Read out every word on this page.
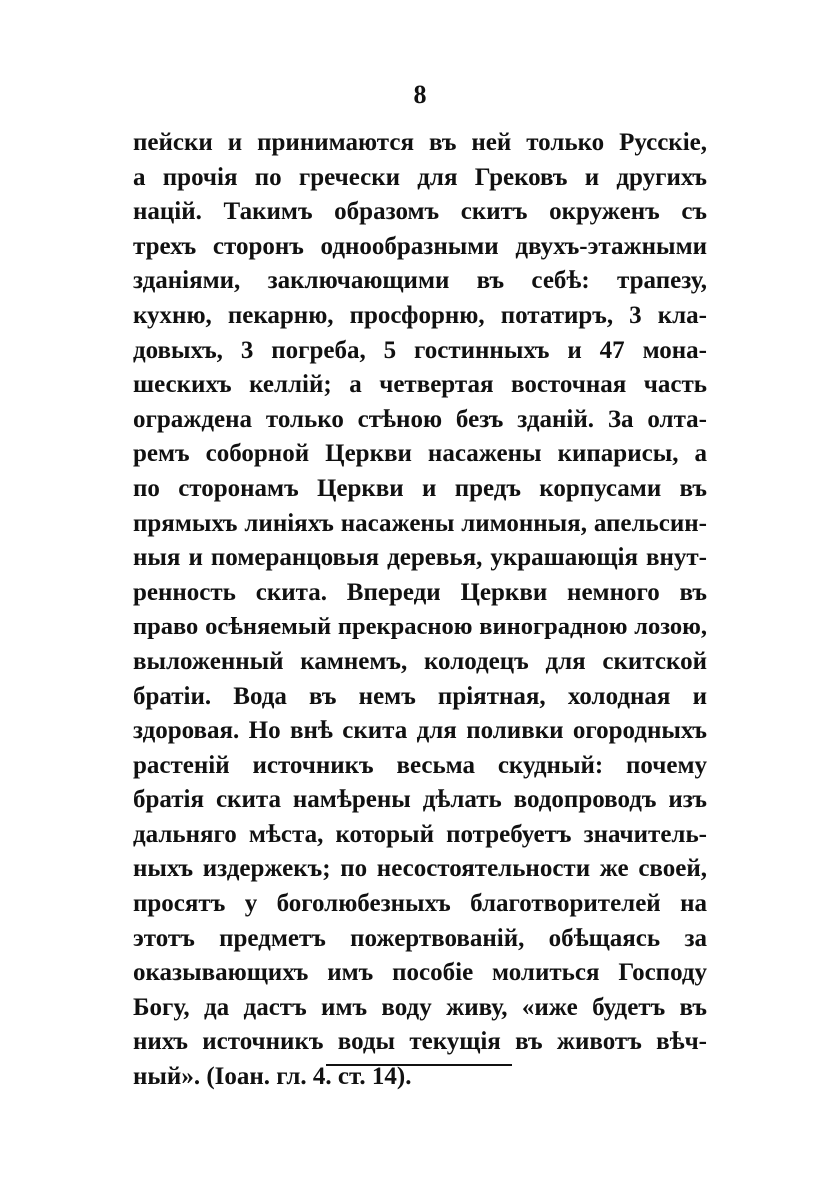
8
пейски и принимаются въ ней только Русскіе,
а прочія по гречески для Грековъ и другихъ
націй. Такимъ образомъ скитъ окруженъ съ
трехъ сторонъ однообразными двухъ-этажными
зданіями, заключающими въ себѣ: трапезу,
кухню, пекарню, просфорню, потатиръ, 3 кла-
довыхъ, 3 погреба, 5 гостинныхъ и 47 мона-
шескихъ келлій; а четвертая восточная часть
ограждена только стѣною безъ зданій. За олта-
ремъ соборной Церкви насажены кипарисы, а
по сторонамъ Церкви и предъ корпусами въ
прямыхъ линіяхъ насажены лимонныя, апельсин-
ныя и померанцовыя деревья, украшающія внут-
ренность скита. Впереди Церкви немного въ
право осѣняемый прекрасною виноградною лозою,
выложенный камнемъ, колодецъ для скитской
братіи. Вода въ немъ пріятная, холодная и
здоровая. Но внѣ скита для поливки огородныхъ
растеній источникъ весьма скудный: почему
братія скита намѣрены дѣлать водопроводъ изъ
дальняго мѣста, который потребуетъ значитель-
ныхъ издержекъ; по несостоятельности же своей,
просятъ у боголюбезныхъ благотворителей на
этотъ предметъ пожертвованій, обѣщаясь за
оказывающихъ имъ пособіе молиться Господу
Богу, да дастъ имъ воду живу, «иже будетъ въ
нихъ источникъ воды текущія въ животъ вѣч-
ный». (Іоан. гл. 4. ст. 14).
